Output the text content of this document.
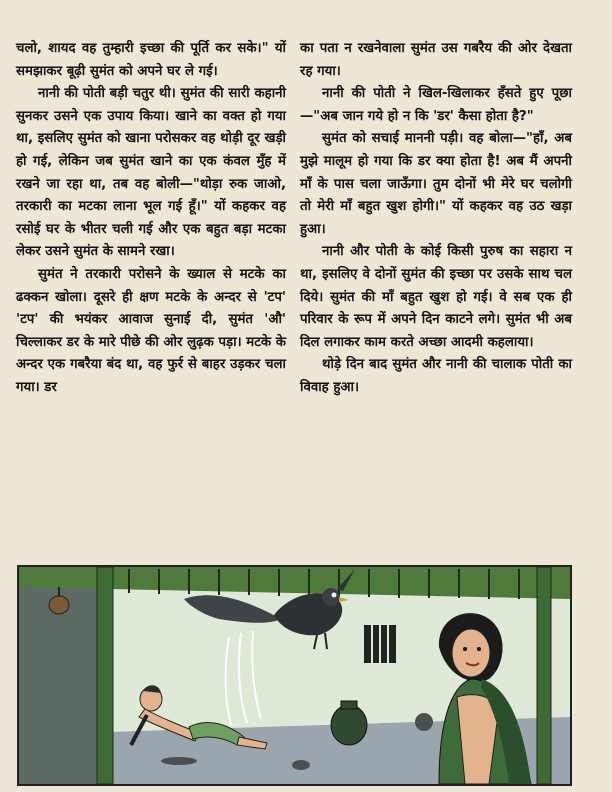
चलो, शायद वह तुम्हारी इच्छा की पूर्ति कर सके।" यों समझाकर बूढ़ी सुमंत को अपने घर ले गई।

नानी की पोती बड़ी चतुर थी। सुमंत की सारी कहानी सुनकर उसने एक उपाय किया। खाने का वक्त हो गया था, इसलिए सुमंत को खाना परोसकर वह थोड़ी दूर खड़ी हो गई, लेकिन जब सुमंत खाने का एक कंवल मुँह में रखने जा रहा था, तब वह बोली—"थोड़ा रुक जाओ, तरकारी का मटका लाना भूल गई हूँ।" यों कहकर वह रसोई घर के भीतर चली गई और एक बहुत बड़ा मटका लेकर उसने सुमंत के सामने रखा।

सुमंत ने तरकारी परोसने के ख्याल से मटके का ढक्कन खोला। दूसरे ही क्षण मटके के अन्दर से 'टप' 'टप' की भयंकर आवाज सुनाई दी, सुमंत 'औ' चिल्लाकर डर के मारे पीछे की ओर लुढ़क पड़ा। मटके के अन्दर एक गबरैया बंद था, वह फुर्र से बाहर उड़कर चला गया। डर

का पता न रखनेवाला सुमंत उस गबरैय की ओर देखता रह गया।

नानी की पोती ने खिल-खिलाकर हँसते हुए पूछा—"अब जान गये हो न कि 'डर' कैसा होता है?"

सुमंत को सचाई माननी पड़ी। वह बोला—"हाँ, अब मुझे मालूम हो गया कि डर क्या होता है! अब मैं अपनी माँ के पास चला जाऊँगा। तुम दोनों भी मेरे घर चलोगी तो मेरी माँ बहुत खुश होगी।" यों कहकर वह उठ खड़ा हुआ।

नानी और पोती के कोई किसी पुरुष का सहारा न था, इसलिए वे दोनों सुमंत की इच्छा पर उसके साथ चल दिये। सुमंत की माँ बहुत खुश हो गई। वे सब एक ही परिवार के रूप में अपने दिन काटने लगे। सुमंत भी अब दिल लगाकर काम करते अच्छा आदमी कहलाया।

थोड़े दिन बाद सुमंत और नानी की चालाक पोती का विवाह हुआ।
